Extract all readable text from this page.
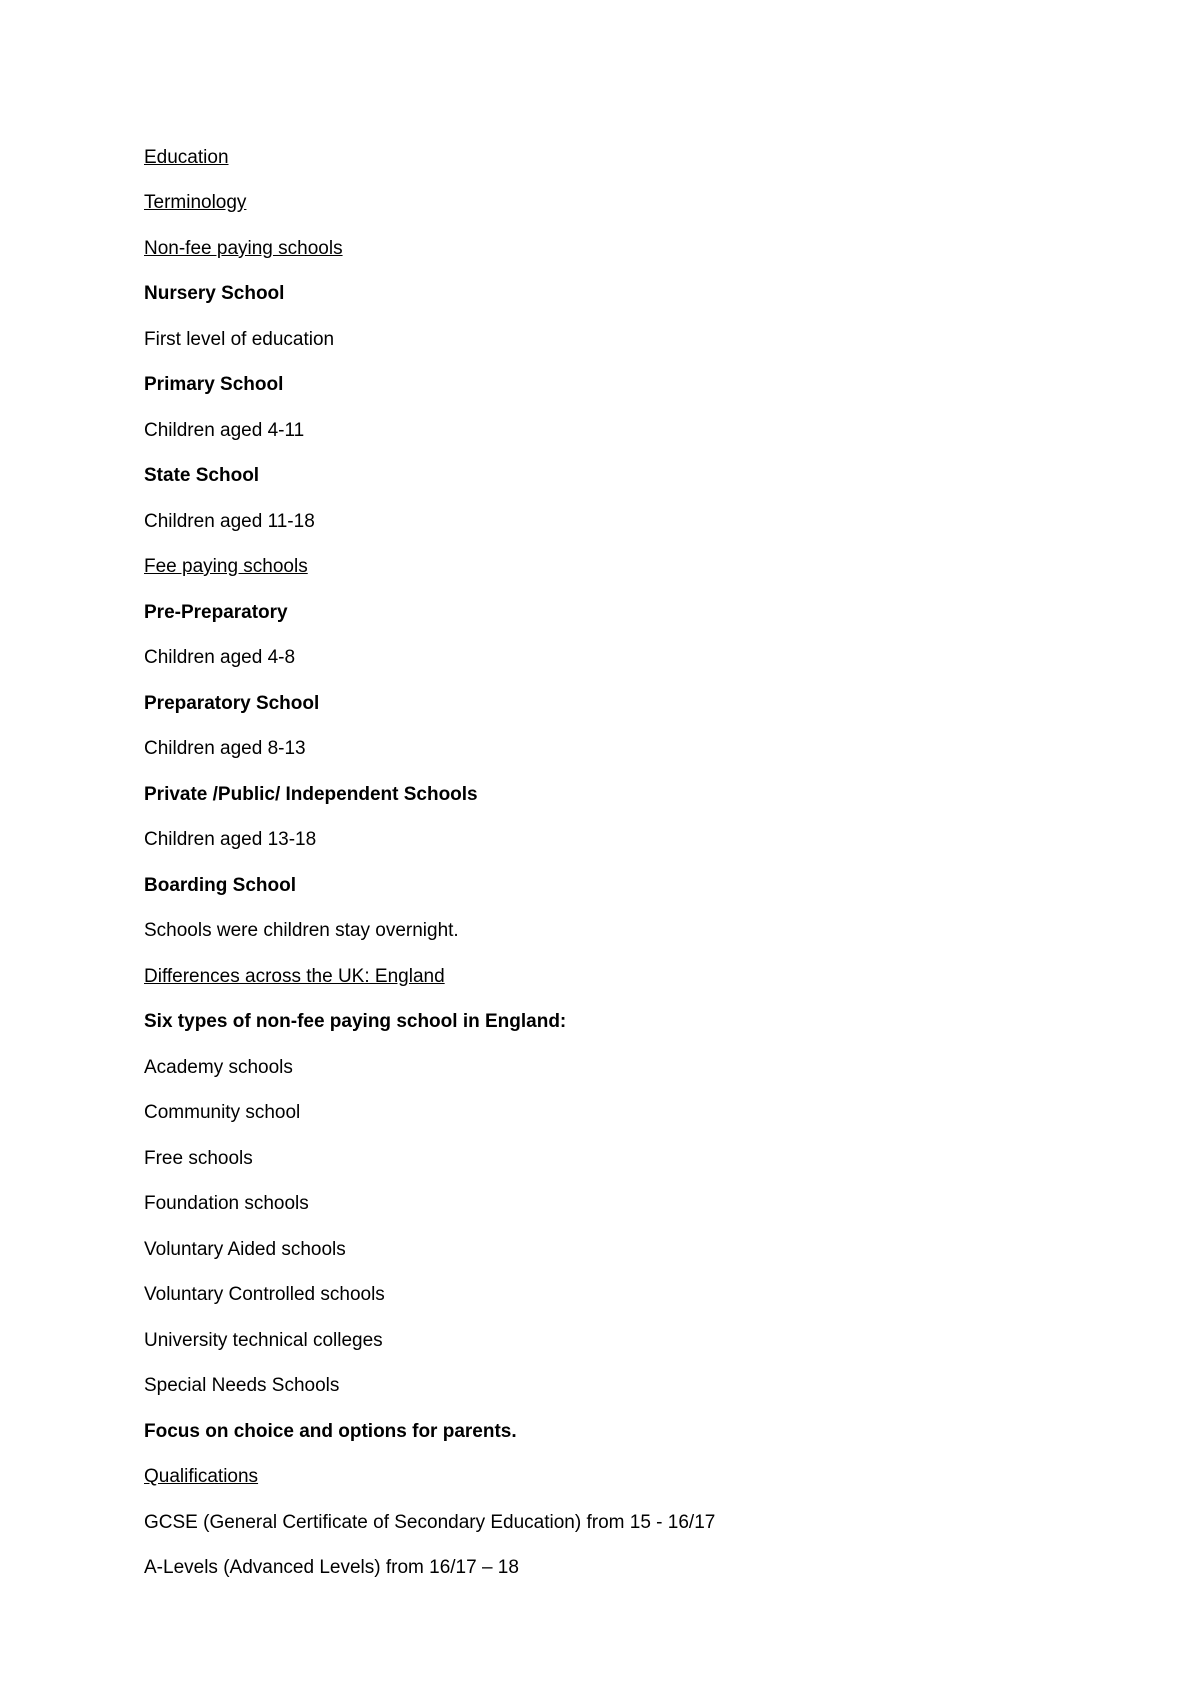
Education
Terminology
Non-fee paying schools
Nursery School
First level of education
Primary School
Children aged 4-11
State School
Children aged 11-18
Fee paying schools
Pre-Preparatory
Children aged 4-8
Preparatory School
Children aged 8-13
Private /Public/ Independent Schools
Children aged 13-18
Boarding School
Schools were children stay overnight.
Differences across the UK: England
Six types of non-fee paying school in England:
Academy schools
Community school
Free schools
Foundation schools
Voluntary Aided schools
Voluntary Controlled schools
University technical colleges
Special Needs Schools
Focus on choice and options for parents.
Qualifications
GCSE (General Certificate of Secondary Education) from 15 - 16/17
A-Levels (Advanced Levels) from 16/17 – 18
